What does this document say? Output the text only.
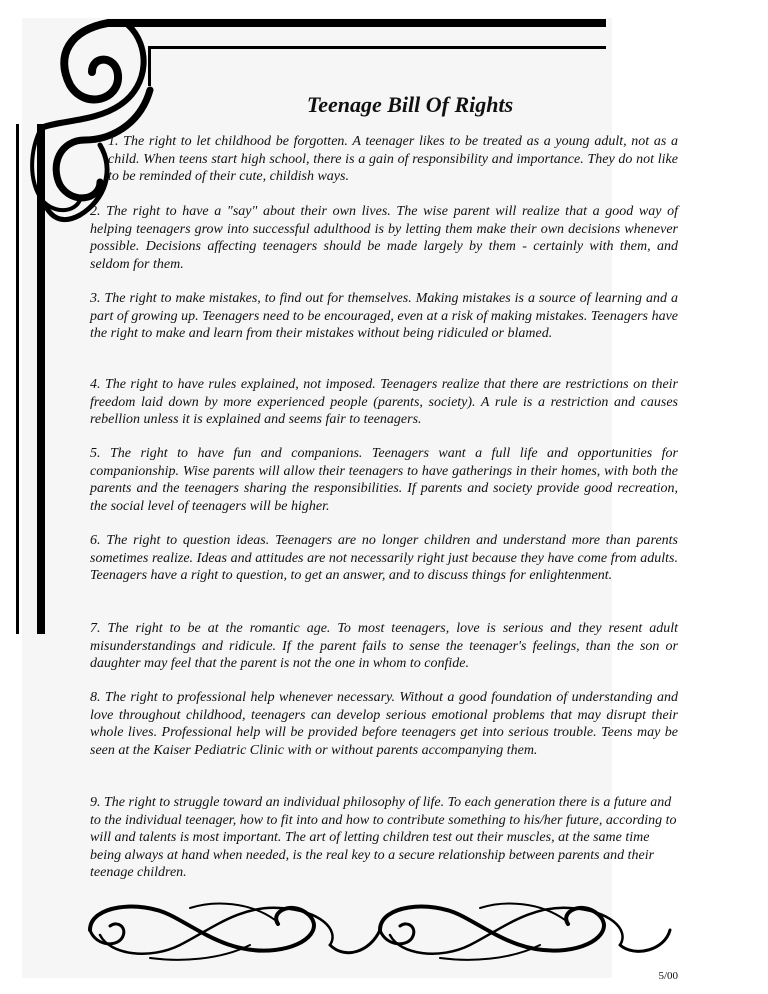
Teenage Bill Of Rights

1. The right to let childhood be forgotten. A teenager likes to be treated as a young adult, not as a child. When teens start high school, there is a gain of responsibility and importance. They do not like to be reminded of their cute, childish ways.

2. The right to have a "say" about their own lives. The wise parent will realize that a good way of helping teenagers grow into successful adulthood is by letting them make their own decisions whenever possible. Decisions affecting teenagers should be made largely by them - certainly with them, and seldom for them.

3. The right to make mistakes, to find out for themselves. Making mistakes is a source of learning and a part of growing up. Teenagers need to be encouraged, even at a risk of making mistakes. Teenagers have the right to make and learn from their mistakes without being ridiculed or blamed.

4. The right to have rules explained, not imposed. Teenagers realize that there are restrictions on their freedom laid down by more experienced people (parents, society). A rule is a restriction and causes rebellion unless it is explained and seems fair to teenagers.

5. The right to have fun and companions. Teenagers want a full life and opportunities for companionship. Wise parents will allow their teenagers to have gatherings in their homes, with both the parents and the teenagers sharing the responsibilities. If parents and society provide good recreation, the social level of teenagers will be higher.

6. The right to question ideas. Teenagers are no longer children and understand more than parents sometimes realize. Ideas and attitudes are not necessarily right just because they have come from adults. Teenagers have a right to question, to get an answer, and to discuss things for enlightenment.

7. The right to be at the romantic age. To most teenagers, love is serious and they resent adult misunderstandings and ridicule. If the parent fails to sense the teenager's feelings, than the son or daughter may feel that the parent is not the one in whom to confide.

8. The right to professional help whenever necessary. Without a good foundation of understanding and love throughout childhood, teenagers can develop serious emotional problems that may disrupt their whole lives. Professional help will be provided before teenagers get into serious trouble. Teens may be seen at the Kaiser Pediatric Clinic with or without parents accompanying them.

9. The right to struggle toward an individual philosophy of life. To each generation there is a future and to the individual teenager, how to fit into and how to contribute something to his/her future, according to will and talents is most important. The art of letting children test out their muscles, at the same time being always at hand when needed, is the real key to a secure relationship between parents and their teenage children.

5/00
